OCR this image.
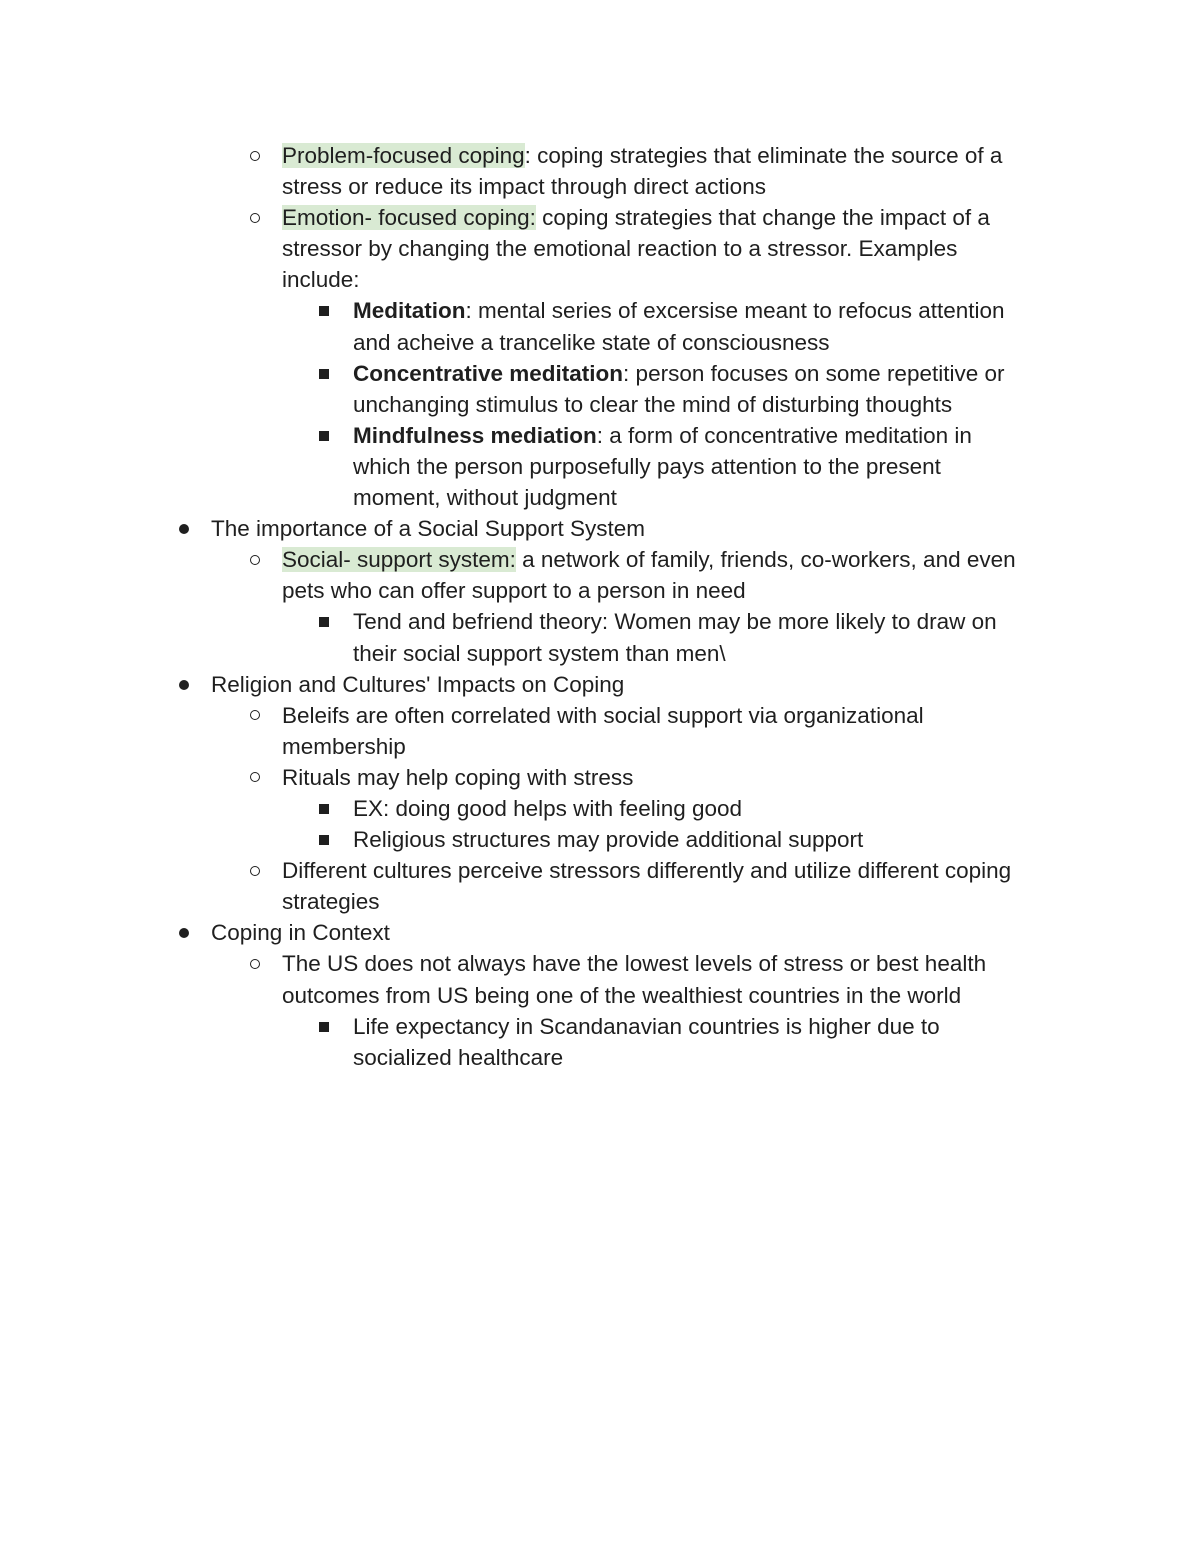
Problem-focused coping: coping strategies that eliminate the source of a
stress or reduce its impact through direct actions
Emotion- focused coping: coping strategies that change the impact of a
stressor by changing the emotional reaction to a stressor. Examples
include:
Meditation: mental series of excersise meant to refocus attention
and acheive a trancelike state of consciousness
Concentrative meditation: person focuses on some repetitive or
unchanging stimulus to clear the mind of disturbing thoughts
Mindfulness mediation: a form of concentrative meditation in
which the person purposefully pays attention to the present
moment, without judgment
The importance of a Social Support System
Social- support system: a network of family, friends, co-workers, and even
pets who can offer support to a person in need
Tend and befriend theory: Women may be more likely to draw on
their social support system than men\
Religion and Cultures' Impacts on Coping
Beleifs are often correlated with social support via organizational
membership
Rituals may help coping with stress
EX: doing good helps with feeling good
Religious structures may provide additional support
Different cultures perceive stressors differently and utilize different coping
strategies
Coping in Context
The US does not always have the lowest levels of stress or best health
outcomes from US being one of the wealthiest countries in the world
Life expectancy in Scandanavian countries is higher due to
socialized healthcare
